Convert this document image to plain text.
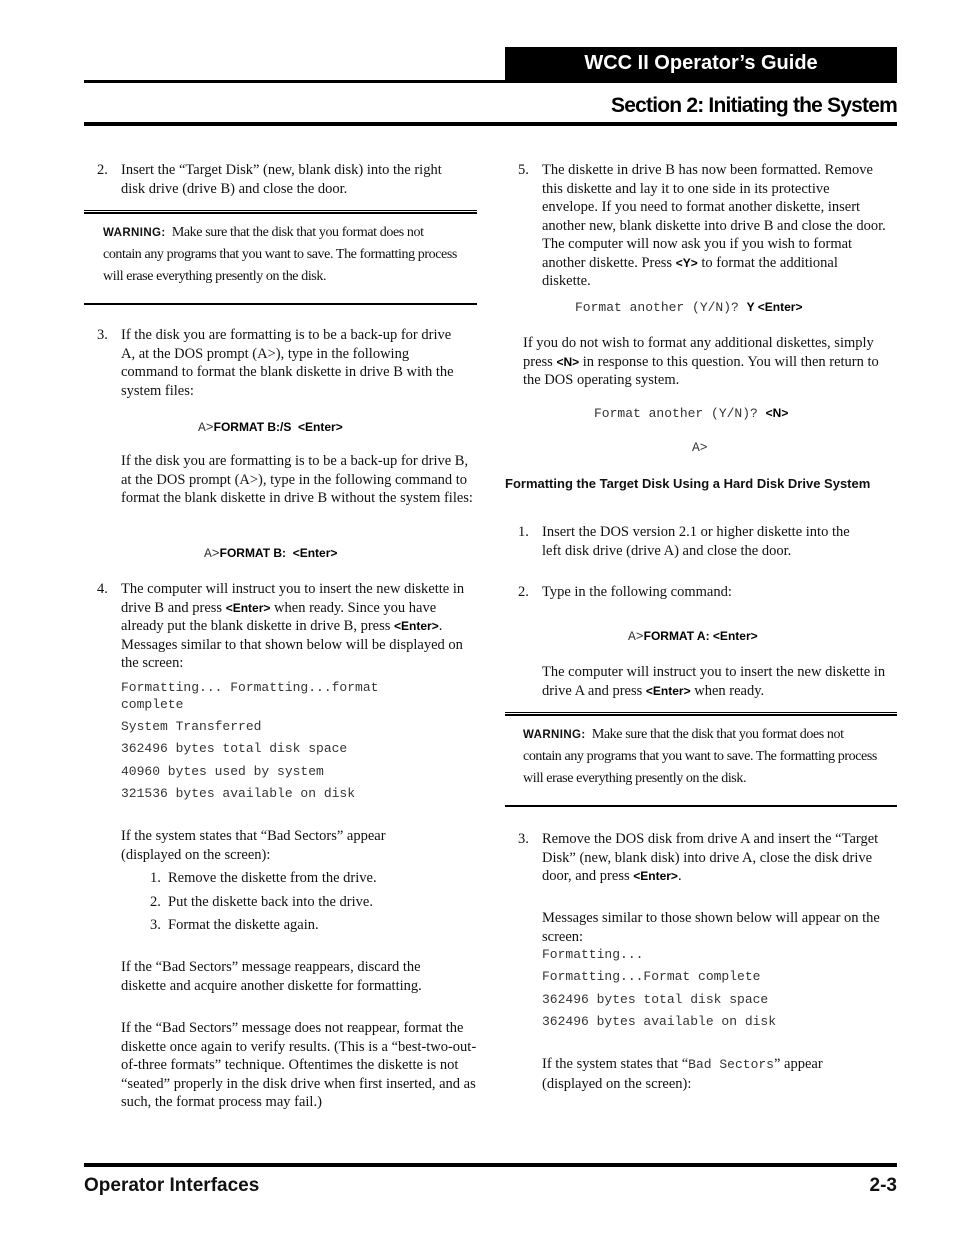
WCC II Operator’s Guide
Section 2: Initiating the System
2. Insert the “Target Disk” (new, blank disk) into the right disk drive (drive B) and close the door.
WARNING: Make sure that the disk that you format does not contain any programs that you want to save. The formatting process will erase everything presently on the disk.
3. If the disk you are formatting is to be a back-up for drive A, at the DOS prompt (A>), type in the following command to format the blank diskette in drive B with the system files:
A>FORMAT B:/S  <Enter>
If the disk you are formatting is to be a back-up for drive B, at the DOS prompt (A>), type in the following command to format the blank diskette in drive B without the system files:
A>FORMAT B:  <Enter>
4. The computer will instruct you to insert the new diskette in drive B and press <Enter> when ready. Since you have already put the blank diskette in drive B, press <Enter>. Messages similar to that shown below will be displayed on the screen:
Formatting... Formatting...format complete
System Transferred
362496 bytes total disk space
40960 bytes used by system
321536 bytes available on disk
If the system states that “Bad Sectors” appear (displayed on the screen):
1. Remove the diskette from the drive.
2. Put the diskette back into the drive.
3. Format the diskette again.
If the “Bad Sectors” message reappears, discard the diskette and acquire another diskette for formatting.
If the “Bad Sectors” message does not reappear, format the diskette once again to verify results. (This is a “best-two-out-of-three formats” technique. Oftentimes the diskette is not “seated” properly in the disk drive when first inserted, and as such, the format process may fail.)
5. The diskette in drive B has now been formatted. Remove this diskette and lay it to one side in its protective envelope. If you need to format another diskette, insert another new, blank diskette into drive B and close the door. The computer will now ask you if you wish to format another diskette. Press <Y> to format the additional diskette.
Format another (Y/N)? Y <Enter>
If you do not wish to format any additional diskettes, simply press <N> in response to this question. You will then return to the DOS operating system.
Format another (Y/N)? <N>
A>
Formatting the Target Disk Using a Hard Disk Drive System
1. Insert the DOS version 2.1 or higher diskette into the left disk drive (drive A) and close the door.
2. Type in the following command:
A>FORMAT A: <Enter>
The computer will instruct you to insert the new diskette in drive A and press <Enter> when ready.
WARNING: Make sure that the disk that you format does not contain any programs that you want to save. The formatting process will erase everything presently on the disk.
3. Remove the DOS disk from drive A and insert the “Target Disk” (new, blank disk) into drive A, close the disk drive door, and press <Enter>.
Messages similar to those shown below will appear on the screen:
Formatting...
Formatting...Format complete
362496 bytes total disk space
362496 bytes available on disk
If the system states that “Bad Sectors” appear (displayed on the screen):
Operator Interfaces	2-3
